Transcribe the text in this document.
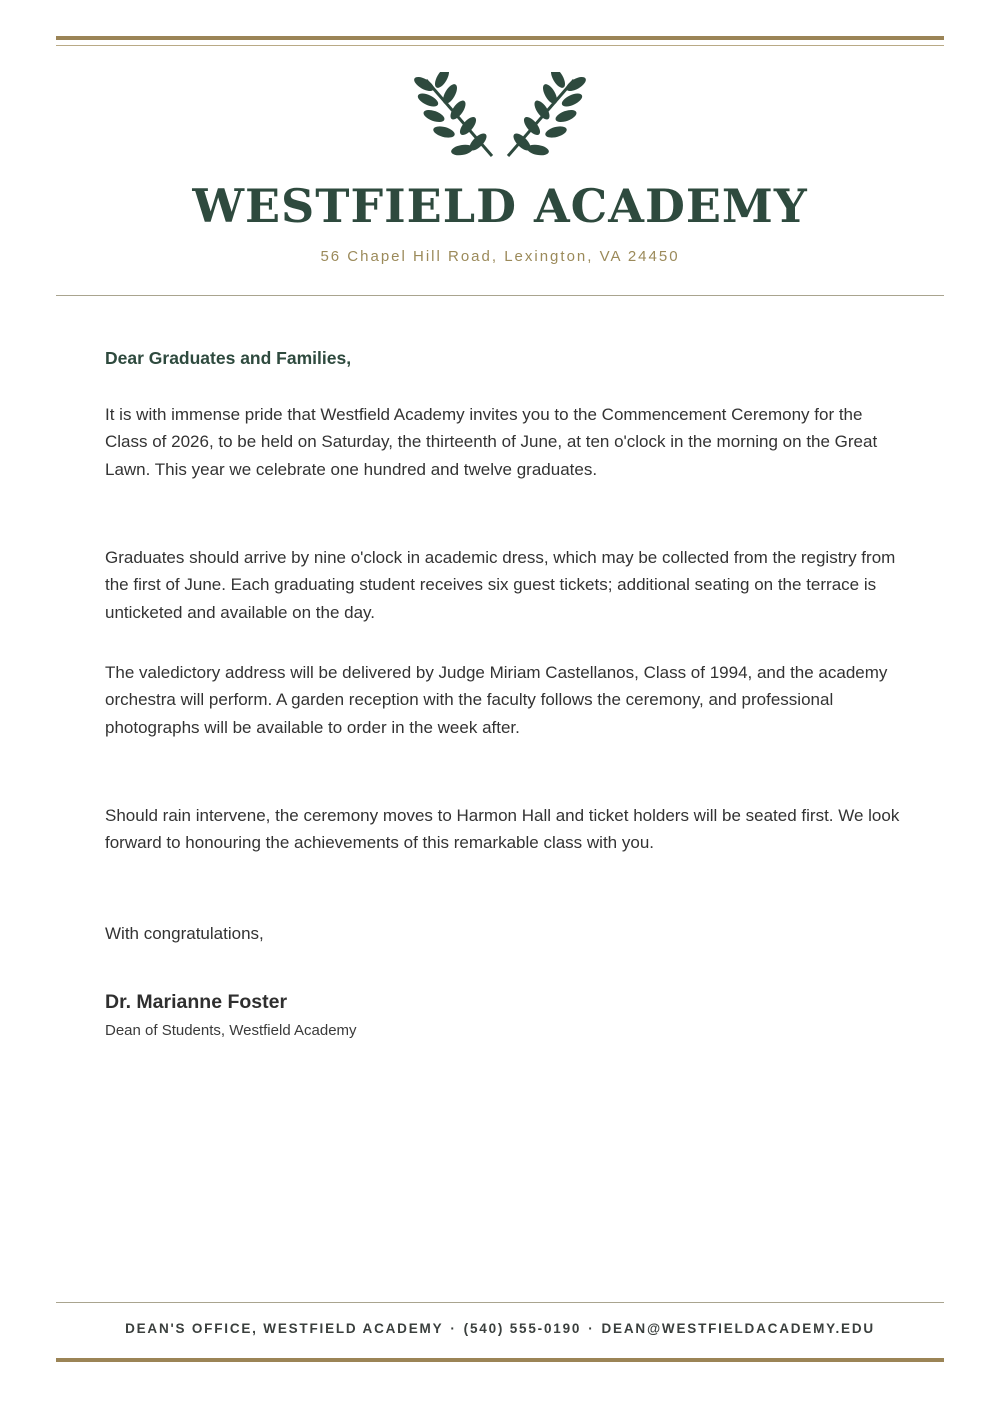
WESTFIELD ACADEMY
56 Chapel Hill Road, Lexington, VA 24450
Dear Graduates and Families,
It is with immense pride that Westfield Academy invites you to the Commencement Ceremony for the Class of 2026, to be held on Saturday, the thirteenth of June, at ten o'clock in the morning on the Great Lawn. This year we celebrate one hundred and twelve graduates.
Graduates should arrive by nine o'clock in academic dress, which may be collected from the registry from the first of June. Each graduating student receives six guest tickets; additional seating on the terrace is unticketed and available on the day.
The valedictory address will be delivered by Judge Miriam Castellanos, Class of 1994, and the academy orchestra will perform. A garden reception with the faculty follows the ceremony, and professional photographs will be available to order in the week after.
Should rain intervene, the ceremony moves to Harmon Hall and ticket holders will be seated first. We look forward to honouring the achievements of this remarkable class with you.
With congratulations,
Dr. Marianne Foster
Dean of Students, Westfield Academy
DEAN'S OFFICE, WESTFIELD ACADEMY · (540) 555-0190 · DEAN@WESTFIELDACADEMY.EDU
